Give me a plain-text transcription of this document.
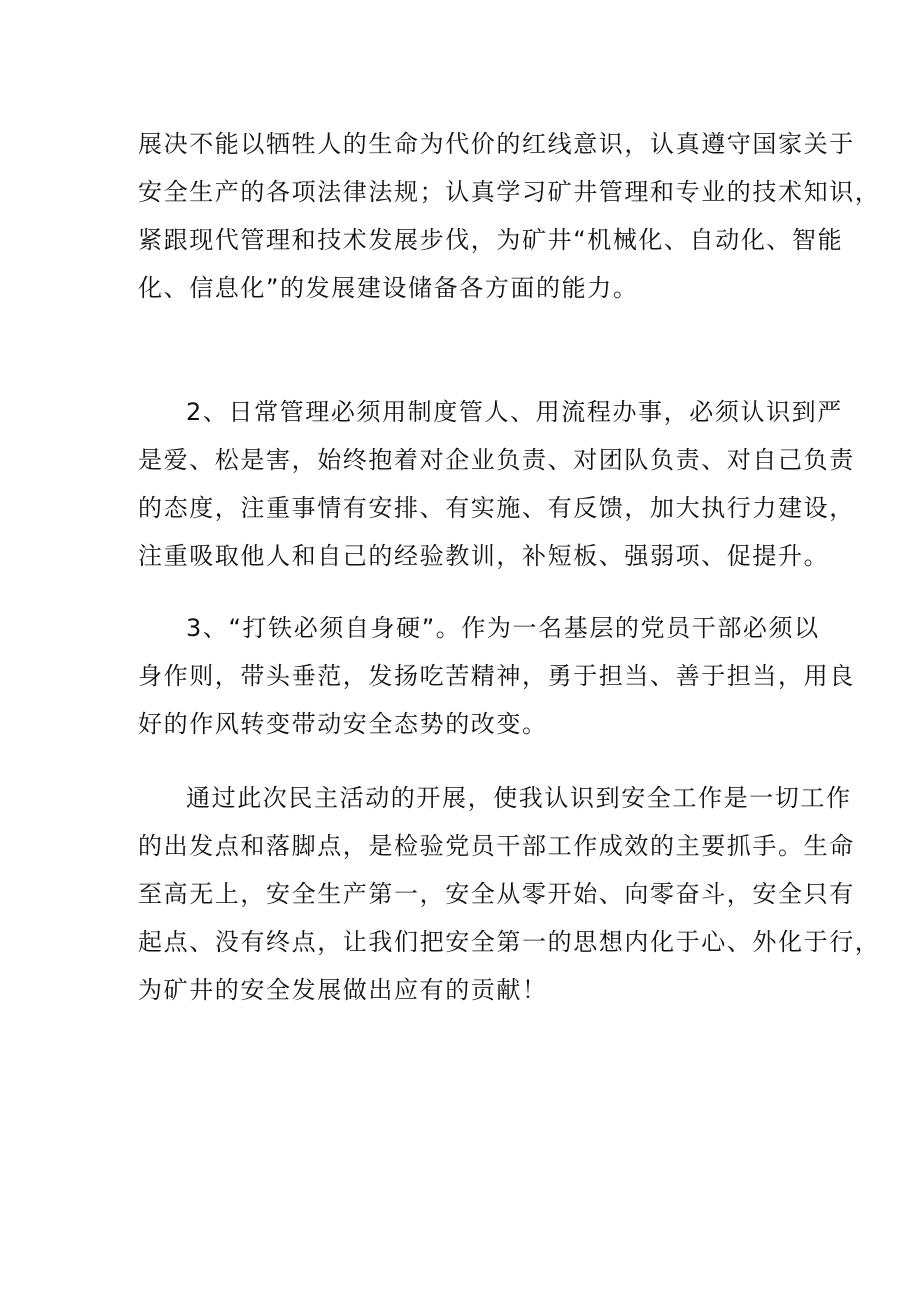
展决不能以牺牲人的生命为代价的红线意识，认真遵守国家关于
安全生产的各项法律法规；认真学习矿井管理和专业的技术知识，
紧跟现代管理和技术发展步伐，为矿井“机械化、自动化、智能
化、信息化”的发展建设储备各方面的能力。
2、日常管理必须用制度管人、用流程办事，必须认识到严
是爱、松是害，始终抱着对企业负责、对团队负责、对自己负责
的态度，注重事情有安排、有实施、有反馈，加大执行力建设，
注重吸取他人和自己的经验教训，补短板、强弱项、促提升。
3、“打铁必须自身硬”。作为一名基层的党员干部必须以
身作则，带头垂范，发扬吃苦精神，勇于担当、善于担当，用良
好的作风转变带动安全态势的改变。
通过此次民主活动的开展，使我认识到安全工作是一切工作
的出发点和落脚点，是检验党员干部工作成效的主要抓手。生命
至高无上，安全生产第一，安全从零开始、向零奋斗，安全只有
起点、没有终点，让我们把安全第一的思想内化于心、外化于行，
为矿井的安全发展做出应有的贡献！
